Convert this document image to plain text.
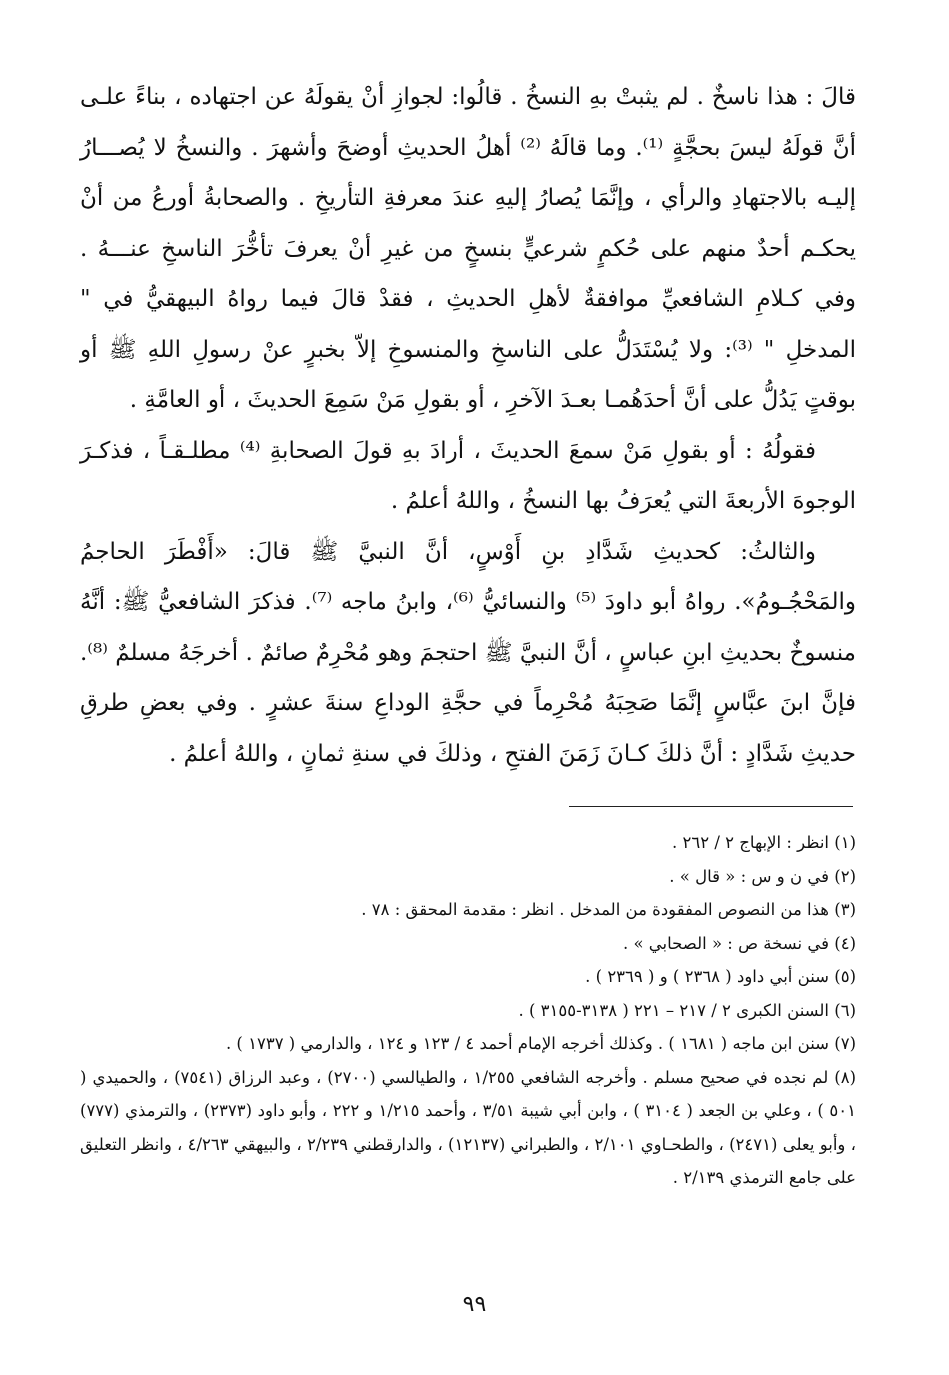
قالَ : هذا ناسخٌ . لم يثبتْ بهِ النسخُ . قالُوا: لجوازِ أنْ يقولَهُ عن اجتهاده ، بناءً علـى أنَّ قولَهُ ليسَ بحجَّةٍ ⁽¹⁾. وما قالَهُ ⁽²⁾ أهلُ الحديثِ أوضحَ وأشهرَ . والنسخُ لا يُصـــارُ إليـه بالاجتهادِ والرأي ، وإنَّمَا يُصارُ إليهِ عندَ معرفةِ التأريخِ . والصحابةُ أورعُ من أنْ يحكـم أحدٌ منهم على حُكمٍ شرعيٍّ بنسخٍ من غيرِ أنْ يعرفَ تأخُّرَ الناسخِ عنـــهُ . وفي كـلامِ الشافعيِّ موافقةٌ لأهلِ الحديثِ ، فقدْ قالَ فيما رواهُ البيهقيُّ في " المدخلِ " ⁽³⁾: ولا يُسْتَدَلُّ على الناسخِ والمنسوخِ إلاّ بخبرٍ عنْ رسولِ اللهِ ﷺ أو بوقتٍ يَدُلُّ على أنَّ أحدَهُمـا بعـدَ الآخرِ ، أو بقولِ مَنْ سَمِعَ الحديثَ ، أو العامَّةِ .

فقولُهُ : أو بقولِ مَنْ سمعَ الحديثَ ، أرادَ بهِ قولَ الصحابةِ ⁽⁴⁾ مطلـقـاً ، فذكـرَ الوجوهَ الأربعةَ التي يُعرَفُ بها النسخُ ، واللهُ أعلمُ .

والثالثُ: كحديثِ شَدَّادِ بنِ أَوْسٍ، أنَّ النبيَّ ﷺ قالَ: «أَفْطَرَ الحاجمُ والمَحْجُـومُ». رواهُ أبو داودَ ⁽⁵⁾ والنسائيُّ ⁽⁶⁾، وابنُ ماجه ⁽⁷⁾. فذكرَ الشافعيُّ ﷺ: أنَّهُ منسوخٌ بحديثِ ابنِ عباسٍ ، أنَّ النبيَّ ﷺ احتجمَ وهو مُحْرِمٌ صائمٌ . أخرجَهُ مسلمٌ ⁽⁸⁾. فإنَّ ابنَ عبَّاسٍ إنَّمَا صَحِبَهُ مُحْرِماً في حجَّةِ الوداعِ سنةَ عشرٍ . وفي بعضِ طرقِ حديثِ شَدَّادٍ : أنَّ ذلكَ كـانَ زَمَنَ الفتحِ ، وذلكَ في سنةِ ثمانٍ ، واللهُ أعلمُ .

(١) انظر : الإبهاج ٢ / ٢٦٢ .

(٢) في ن و س : « قال » .

(٣) هذا من النصوص المفقودة من المدخل . انظر : مقدمة المحقق : ٧٨ .

(٤) في نسخة ص : « الصحابي » .

(٥) سنن أبي داود ( ٢٣٦٨ ) و ( ٢٣٦٩ ) .

(٦) السنن الكبرى ٢ / ٢١٧ – ٢٢١ ( ٣١٣٨-٣١٥٥ ) .

(٧) سنن ابن ماجه ( ١٦٨١ ) . وكذلك أخرجه الإمام أحمد ٤ / ١٢٣ و ١٢٤ ، والدارمي ( ١٧٣٧ ) .

(٨) لم نجده في صحيح مسلم . وأخرجه الشافعي ١/٢٥٥ ، والطيالسي (٢٧٠٠) ، وعبد الرزاق (٧٥٤١) ، والحميدي ( ٥٠١ ) ، وعلي بن الجعد ( ٣١٠٤ ) ، وابن أبي شيبة ٣/٥١ ، وأحمد ١/٢١٥ و ٢٢٢ ، وأبو داود (٢٣٧٣) ، والترمذي (٧٧٧) ، وأبو يعلى (٢٤٧١) ، والطحـاوي ٢/١٠١ ، والطبراني (١٢١٣٧) ، والدارقطني ٢/٢٣٩ ، والبيهقي ٤/٢٦٣ ، وانظر التعليق على جامع الترمذي ٢/١٣٩ .

٩٩
